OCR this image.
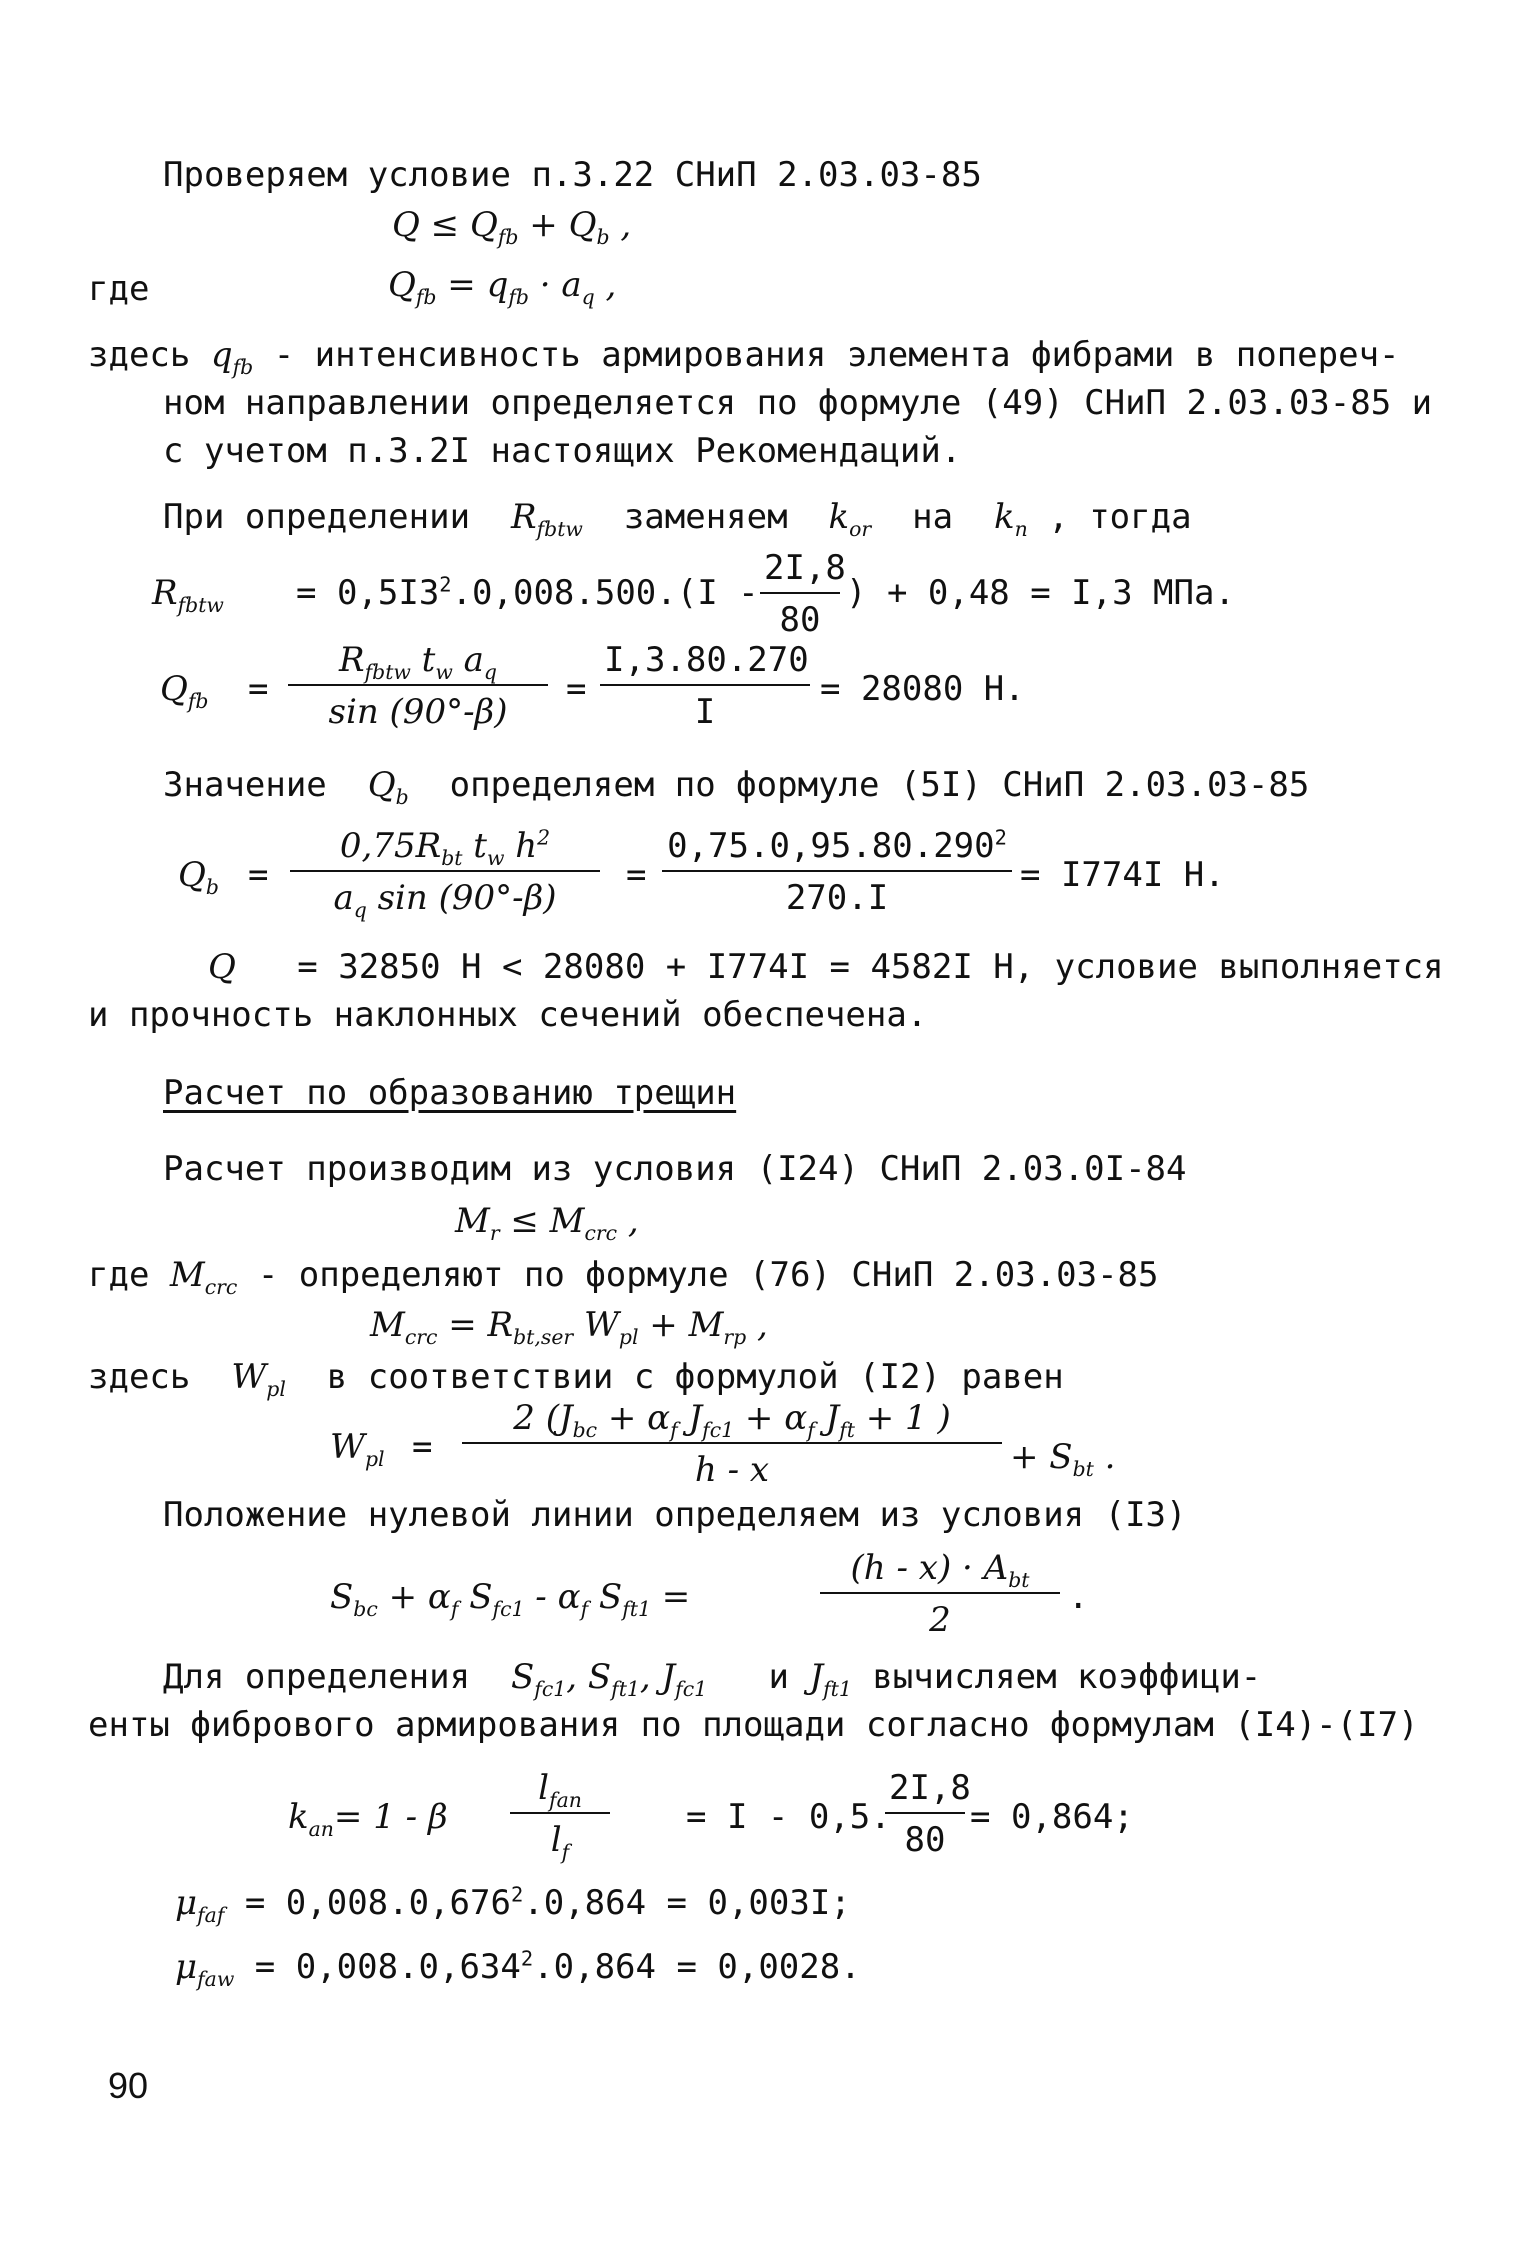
Проверяем условие п.3.22 СНиП 2.03.03-85
$Q \le Q_{fb} + Q_b$ ,
где	$Q_{fb} = q_{fb} \cdot a_q$ ,
здесь $q_{fb}$ - интенсивность армирования элемента фибрами в попереч-
ном направлении определяется по формуле (49) СНиП 2.03.03-85 и
с учетом п.3.2I настоящих Рекомендаций.
При определении $R_{fbtw}$ заменяем $k_{or}$ на $k_n$ , тогда
$R_{fbtw} = 0,5I3^2.0,008.500.(I - \frac{2I,8}{80}$ ) + 0,48 = I,3 МПа.
$Q_{fb}$ =
$R_{fbtw}$ $t_w$ $a_q$
sin (90°-β)
= $\frac{I,3.80.270}{I} = 28080$ H.
Значение $Q_b$ определяем по формуле (5I) СНиП 2.03.03-85
$Q_b$ =
$0,75R_{bt}$ $t_w$ $h^2$
$a_q$ sin (90°-β)
= $\frac{0,75.0,95.80.290^2}{270.I} = I774I$ H.
Q = 32850 H < 28080 + I774I = 4582I H, условие выполняется
и прочность наклонных сечений обеспечена.
Расчет по образованию трещин
Расчет производим из условия (I24) СНиП 2.03.0I-84
$M_r \le M_{crc}$ ,
где $M_{crc}$ - определяют по формуле (76) СНиП 2.03.03-85
$M_{crc} = R_{bt,ser}$ $W_{pl} + M_{rp}$ ,
здесь $W_{pl}$ в соответствии с формулой (I2) равен
$W_{pl}$ =
2 ($J_{bc} + \alpha_f$ $J_{fc1} + \alpha_f$ $J_{ft} + 1$ )
h - x	+ $S_{bt}$ .
Положение нулевой линии определяем из условия (I3)
$S_{bc} + \alpha_f$ $S_{fc1} - \alpha_f$ $S_{ft1}$ =
$(h - x) \cdot A_{bt}$
2
.
Для определения $S_{fc1}$, $S_{ft1}$, $J_{fc1}$ и $J_{ft1}$ вычисляем коэффици-
енты фибрового армирования по площади согласно формулам (I4)-(I7)
$k_{an}= 1 - \beta$
$l_{fan}$
$l_f$
= I - 0,5.
$\frac{2I,8}{80} = 0,864$;
$\mu_{faf} = 0,008.0,676^2.0,864 = 0,003I$;
$\mu_{faw} = 0,008.0,634^2.0,864 = 0,0028$.
90
